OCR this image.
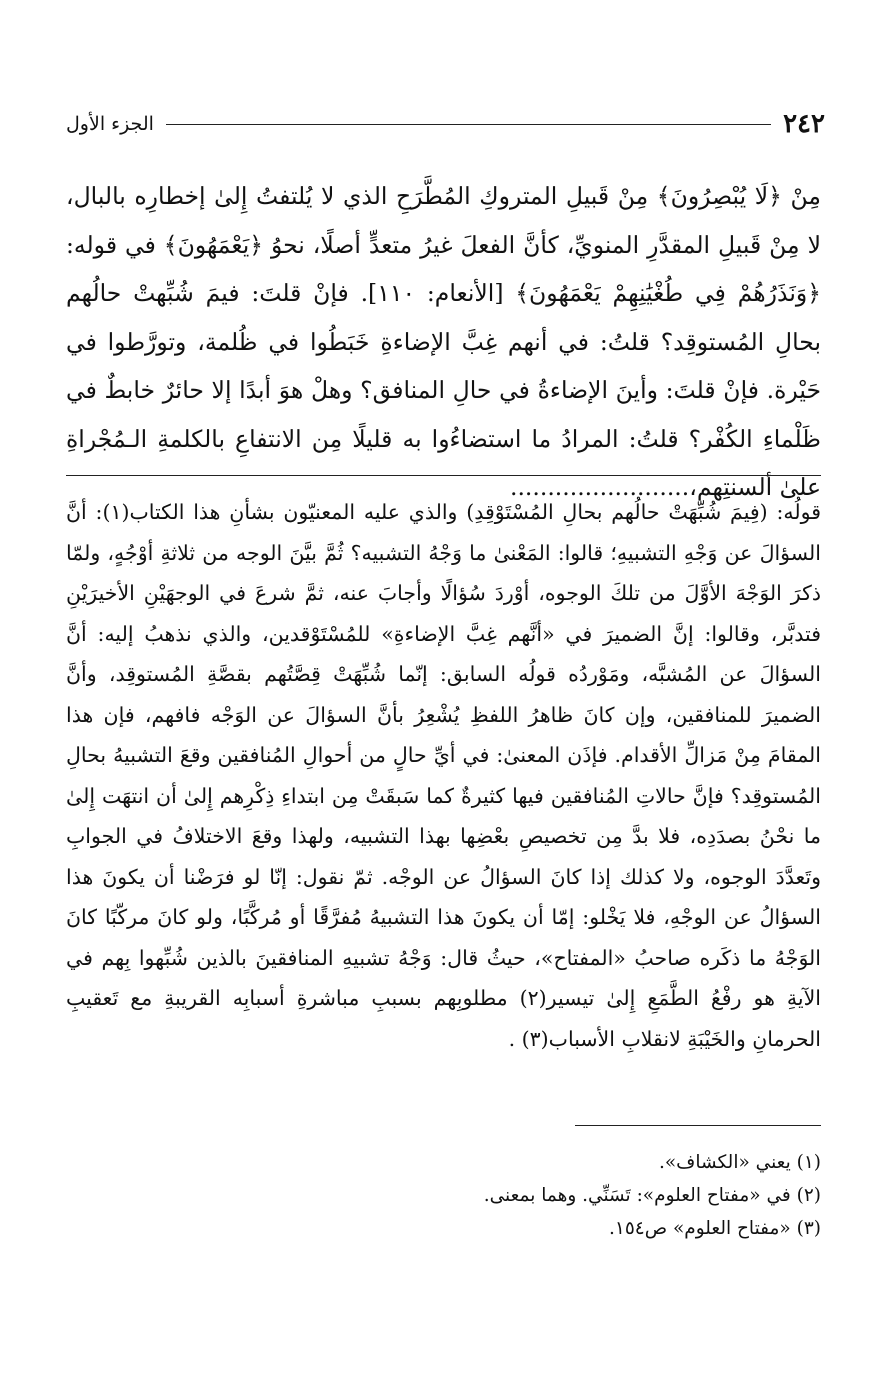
٢٤٢
الجزء الأول

مِنْ ﴿لَا يُبْصِرُونَ﴾ مِنْ قَبيلِ المتروكِ المُطَّرَحِ الذي لا يُلتفتُ إِلىٰ إخطارِه بالبال، لا مِنْ قَبيلِ المقدَّرِ المنويِّ، كأنَّ الفعلَ غيرُ متعدٍّ أصلًا، نحوُ ﴿يَعْمَهُونَ﴾ في قوله: ﴿وَنَذَرُهُمْ فِي طُغْيَٰنِهِمْ يَعْمَهُونَ﴾ [الأنعام: ١١٠]. فإنْ قلتَ: فيمَ شُبِّهتْ حالُهم بحالِ المُستوقِد؟ قلتُ: في أنهم غِبَّ الإضاءةِ خَبَطُوا في ظُلمة، وتورَّطوا في حَيْرة. فإنْ قلتَ: وأينَ الإضاءةُ في حالِ المنافق؟ وهلْ هوَ أبدًا إلا حائرٌ خابطٌ في ظَلْماءِ الكُفْر؟ قلتُ: المرادُ ما استضاءُوا به قليلًا مِن الانتفاعِ بالكلمةِ الـمُجْراةِ علىٰ ألسنتِهم،........................

قولُه: (فِيمَ شُبِّهَتْ حالُهم بحالِ المُسْتَوْقِدِ) والذي عليه المعنيّون بشأنِ هذا الكتاب(١): أنَّ السؤالَ عن وَجْهِ التشبيهِ؛ قالوا: المَعْنىٰ ما وَجْهُ التشبيه؟ ثُمَّ بيَّنَ الوجه من ثلاثةِ أوْجُهٍ، ولمّا ذكرَ الوَجْهَ الأوَّلَ من تلكَ الوجوه، أوْردَ سُؤالًا وأجابَ عنه، ثمَّ شرعَ في الوجهَيْنِ الأخيرَيْنِ فتدبَّر، وقالوا: إنَّ الضميرَ في «أنَّهم غِبَّ الإضاءةِ» للمُسْتَوْقدين، والذي نذهبُ إليه: أنَّ السؤالَ عن المُشبَّه، ومَوْردُه قولُه السابق: إنّما شُبِّهَتْ قِصَّتُهم بقصَّةِ المُستوقِد، وأنَّ الضميرَ للمنافقين، وإن كانَ ظاهرُ اللفظِ يُشْعِرُ بأنَّ السؤالَ عن الوَجْه فافهم، فإن هذا المقامَ مِنْ مَزالِّ الأقدام. فإذَن المعنىٰ: في أيِّ حالٍ من أحوالِ المُنافقين وقعَ التشبيهُ بحالِ المُستوقِد؟ فإنَّ حالاتِ المُنافقين فيها كثيرةٌ كما سَبقَتْ مِن ابتداءِ ذِكْرِهم إِلىٰ أن انتهَت إِلىٰ ما نحْنُ بصدَدِه، فلا بدَّ مِن تخصيصِ بعْضِها بهذا التشبيه، ولهذا وقعَ الاختلافُ في الجوابِ وتَعدَّدَ الوجوه، ولا كذلك إذا كانَ السؤالُ عن الوجْه. ثمّ نقول: إنّا لو فرَضْنا أن يكونَ هذا السؤالُ عن الوجْهِ، فلا يَخْلو: إمّا أن يكونَ هذا التشبيهُ مُفرَّقًا أو مُركَّبًا، ولو كانَ مركّبًا كانَ الوَجْهُ ما ذكَره صاحبُ «المفتاح»، حيثُ قال: وَجْهُ تشبيهِ المنافقينَ بالذين شُبِّهوا بِهم في الآيةِ هو رفْعُ الطَّمَعِ إِلىٰ تيسير(٢) مطلوبِهم بسببِ مباشرةِ أسبابِه القريبةِ مع تَعقيبِ الحرمانِ والخَيْبَةِ لانقلابِ الأسباب(٣) .

(١) يعني «الكشاف».

(٢) في «مفتاح العلوم»: تَسَنِّي. وهما بمعنى.

(٣) «مفتاح العلوم» ص١٥٤.
